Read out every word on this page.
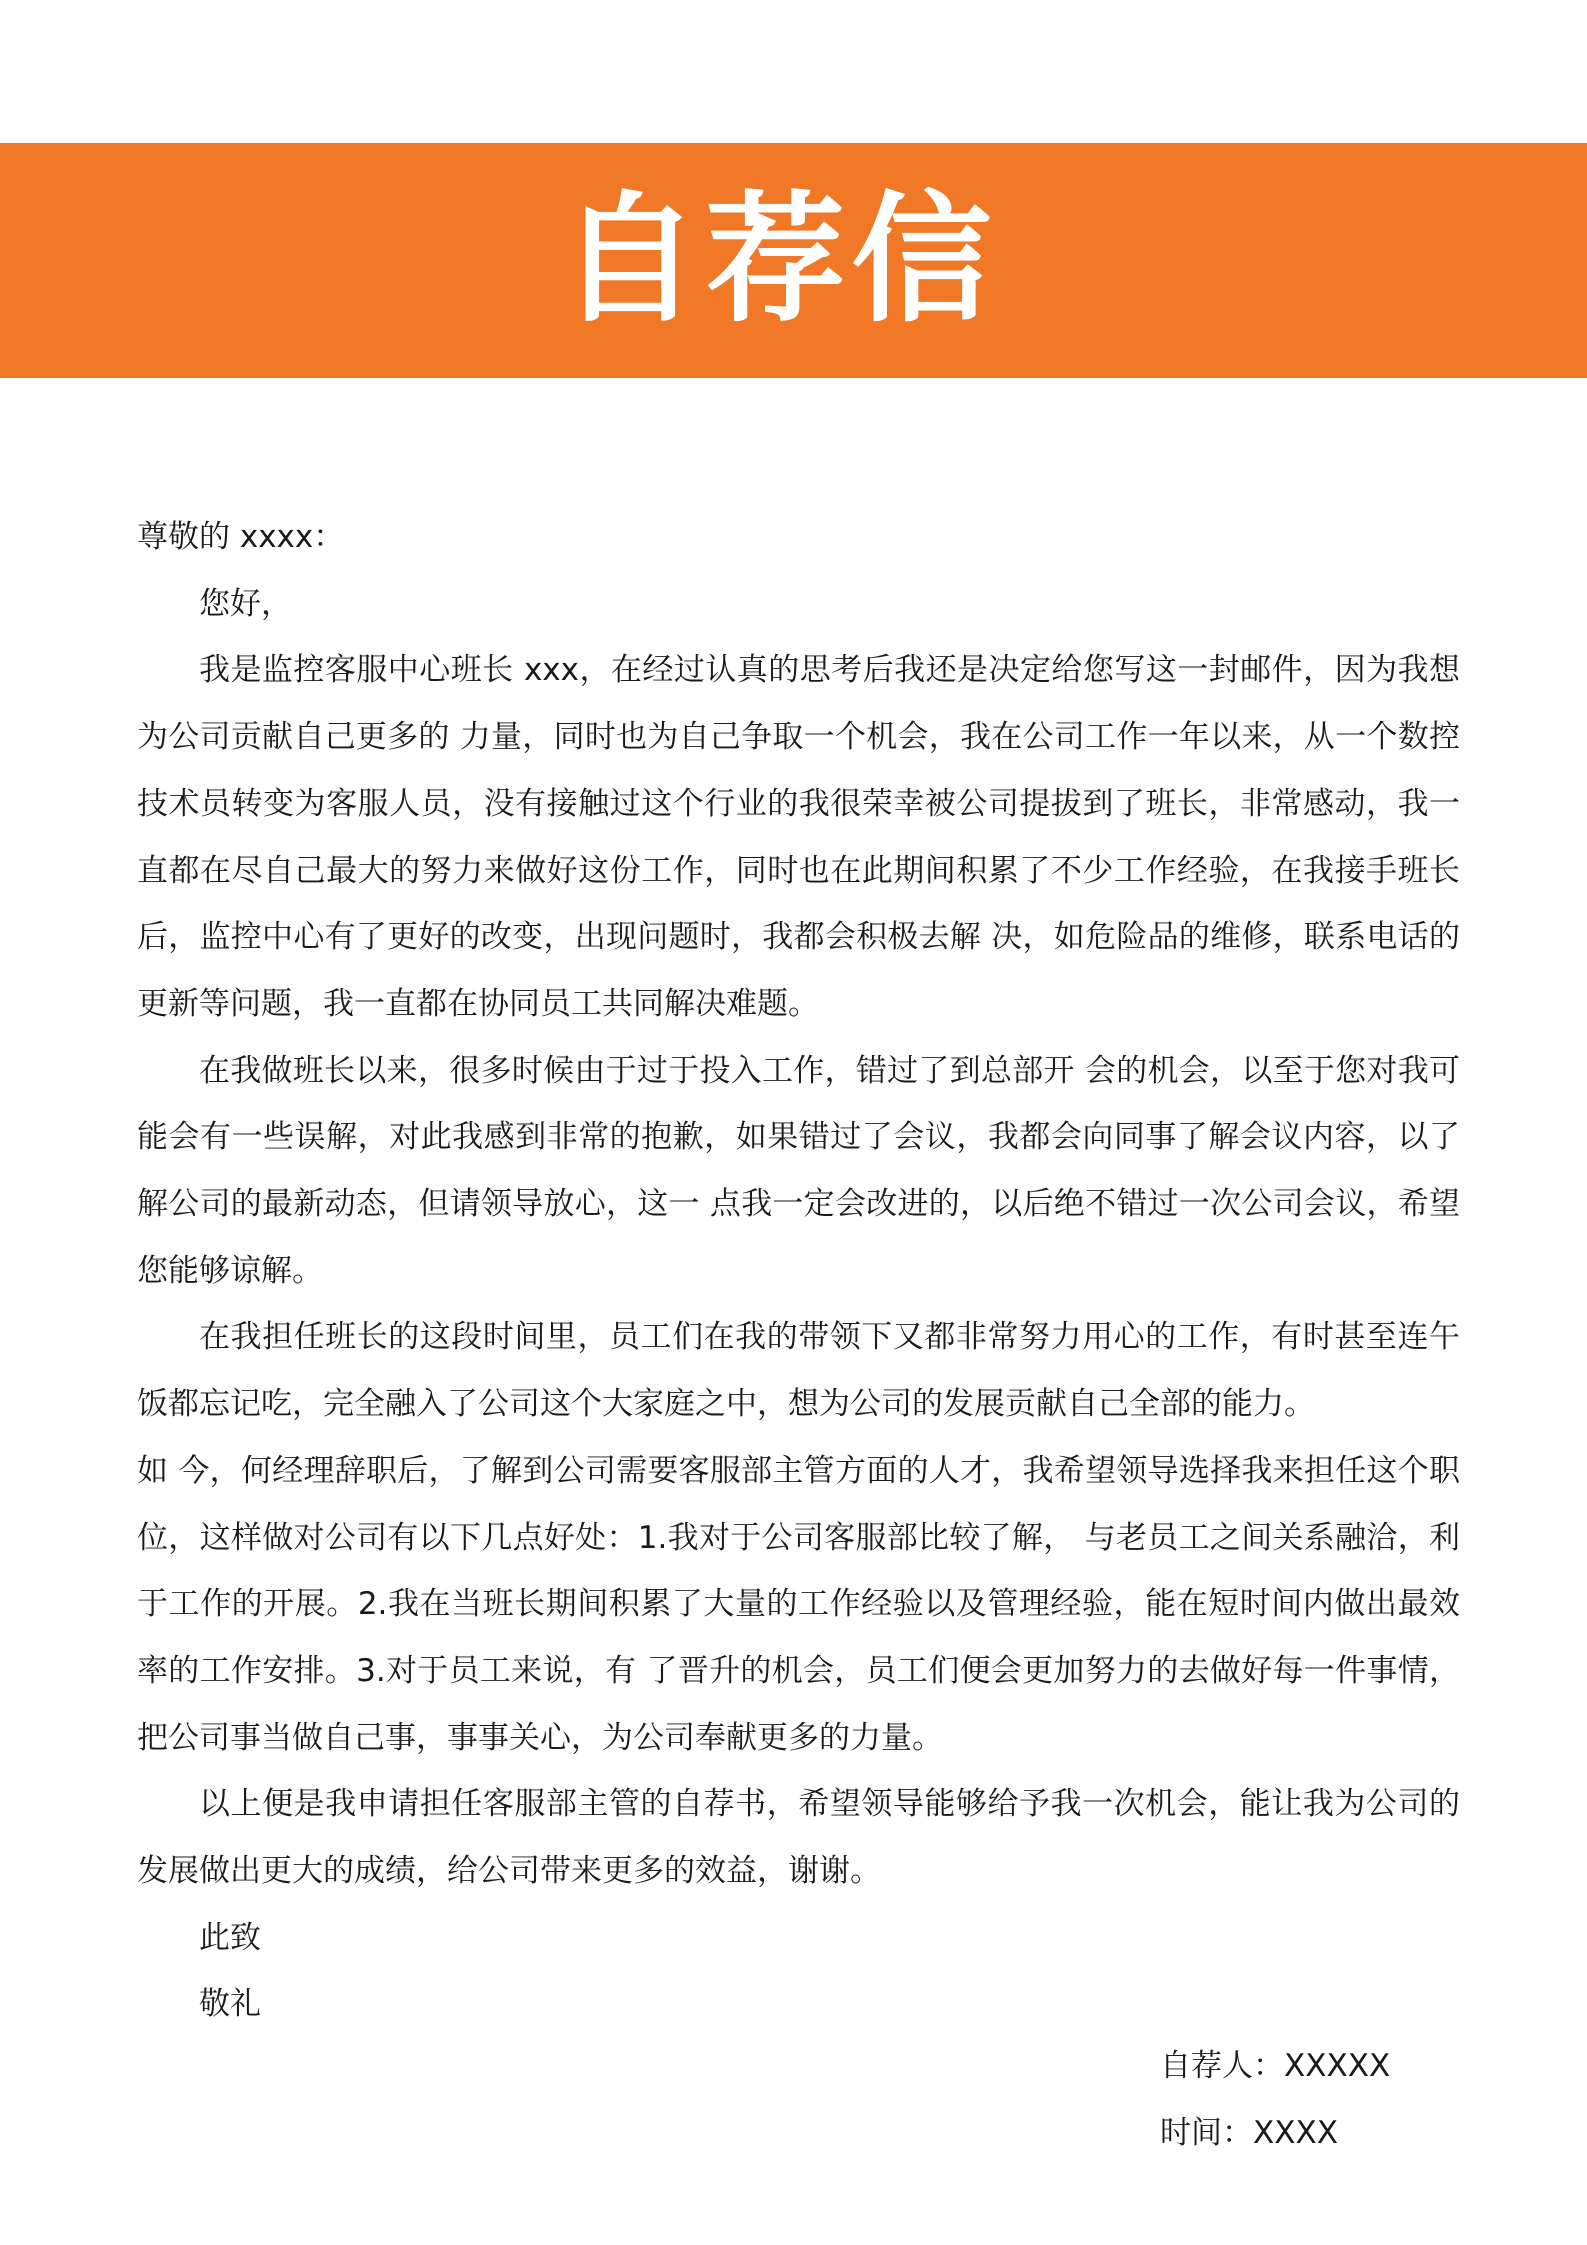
自荐信

尊敬的 xxxx：

您好，

我是监控客服中心班长 xxx，在经过认真的思考后我还是决定给您写这一封邮件，因为我想为公司贡献自己更多的 力量，同时也为自己争取一个机会，我在公司工作一年以来，从一个数控技术员转变为客服人员，没有接触过这个行业的我很荣幸被公司提拔到了班长，非常感动，我一直都在尽自己最大的努力来做好这份工作，同时也在此期间积累了不少工作经验，在我接手班长后，监控中心有了更好的改变，出现问题时，我都会积极去解 决，如危险品的维修，联系电话的更新等问题，我一直都在协同员工共同解决难题。

在我做班长以来，很多时候由于过于投入工作，错过了到总部开 会的机会，以至于您对我可能会有一些误解，对此我感到非常的抱歉，如果错过了会议，我都会向同事了解会议内容，以了解公司的最新动态，但请领导放心，这一 点我一定会改进的，以后绝不错过一次公司会议，希望您能够谅解。

在我担任班长的这段时间里，员工们在我的带领下又都非常努力用心的工作，有时甚至连午饭都忘记吃，完全融入了公司这个大家庭之中，想为公司的发展贡献自己全部的能力。

如 今，何经理辞职后，了解到公司需要客服部主管方面的人才，我希望领导选择我来担任这个职位，这样做对公司有以下几点好处：1.我对于公司客服部比较了解， 与老员工之间关系融洽，利于工作的开展。2.我在当班长期间积累了大量的工作经验以及管理经验，能在短时间内做出最效率的工作安排。3.对于员工来说，有 了晋升的机会，员工们便会更加努力的去做好每一件事情，把公司事当做自己事，事事关心，为公司奉献更多的力量。

以上便是我申请担任客服部主管的自荐书，希望领导能够给予我一次机会，能让我为公司的发展做出更大的成绩，给公司带来更多的效益，谢谢。

此致

敬礼

自荐人：XXXXX

时间：XXXX
